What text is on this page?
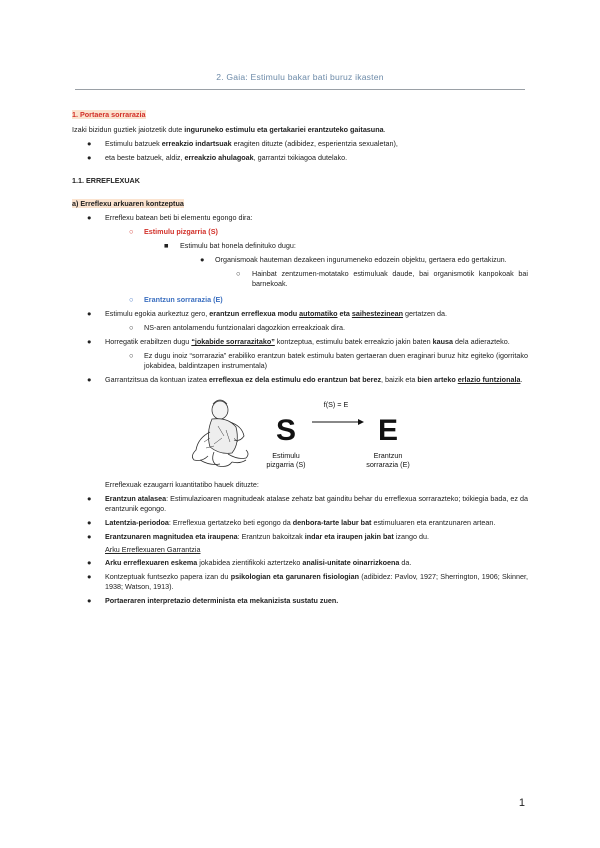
2. Gaia: Estimulu bakar bati buruz ikasten

1. Portaera sorrarazia

Izaki bizidun guztiek jaiotzetik dute ingurunekо estimulu eta gertakariei erantzuteko gaitasuna.

● Estimulu batzuek erreakzio indartsuak eragiten dituzte (adibidez, esperientzia sexualetan),

● eta beste batzuek, aldiz, erreakzio ahulagoak, garrantzi txikiagoa dutelako.

1.1. ERREFLEXUAK

a) Erreflexu arkuaren kontzeptua

● Erreflexu batean beti bi elementu egongo dira:

○ Estimulu pizgarria (S)

■ Estimulu bat honela definituko dugu:

● Organismoak hauteman dezakeen ingurumeneko edozein objektu, gertaera edo gertakizun.

○ Hainbat zentzumen-motatako estimuluak daude, bai organismotik kanpokoak bai barnekoak.

○ Erantzun sorrarazia (E)

● Estimulu egokia aurkeztuz gero, erantzun erreflexua modu automatiko eta saihestezinean gertatzen da.

○ NS-aren antolamendu funtzionalari dagozkion erreakzioak dira.

● Horregatik erabiltzen dugu “jokabide sorrarazitako” kontzeptua, estimulu batek erreakzio jakin baten kausa dela adierazteko.

○ Ez dugu inoiz “sorrarazia” erabiliko erantzun batek estimulu baten gertaeran duen eraginari buruz hitz egiteko (igorritako jokabidea, baldintzapen instrumentala)

● Garrantzitsua da kontuan izatea erreflexua ez dela estimulu edo erantzun bat berez, baizik eta bien arteko erlazio funtzionala.

S	E
f(S) = E
Estimulu
pizgarria (S)
Erantzun
sorrarazia (E)

Erreflexuak ezaugarri kuantitatibo hauek dituzte:

● Erantzun atalasea: Estimulazioaren magnitudeak atalase zehatz bat gainditu behar du erreflexua sorrarazteko; txikiegia bada, ez da erantzunik egongo.

● Latentzia-periodoa: Erreflexua gertatzeko beti egongo da denbora-tarte labur bat estimuluaren eta erantzunaren artean.

● Erantzunaren magnitudea eta iraupena: Erantzun bakoitzak indar eta iraupen jakin bat izango du.

Arku Erreflexuaren Garrantzia

● Arku erreflexuaren eskema jokabidea zientifikoki aztertzeko analisi-unitate oinarrizkoena da.

● Kontzeptuak funtsezko papera izan du psikologian eta garunaren fisiologian (adibidez: Pavlov, 1927; Sherrington, 1906; Skinner, 1938; Watson, 1913).

● Portaeraren interpretazio determinista eta mekanizista sustatu zuen.

1
